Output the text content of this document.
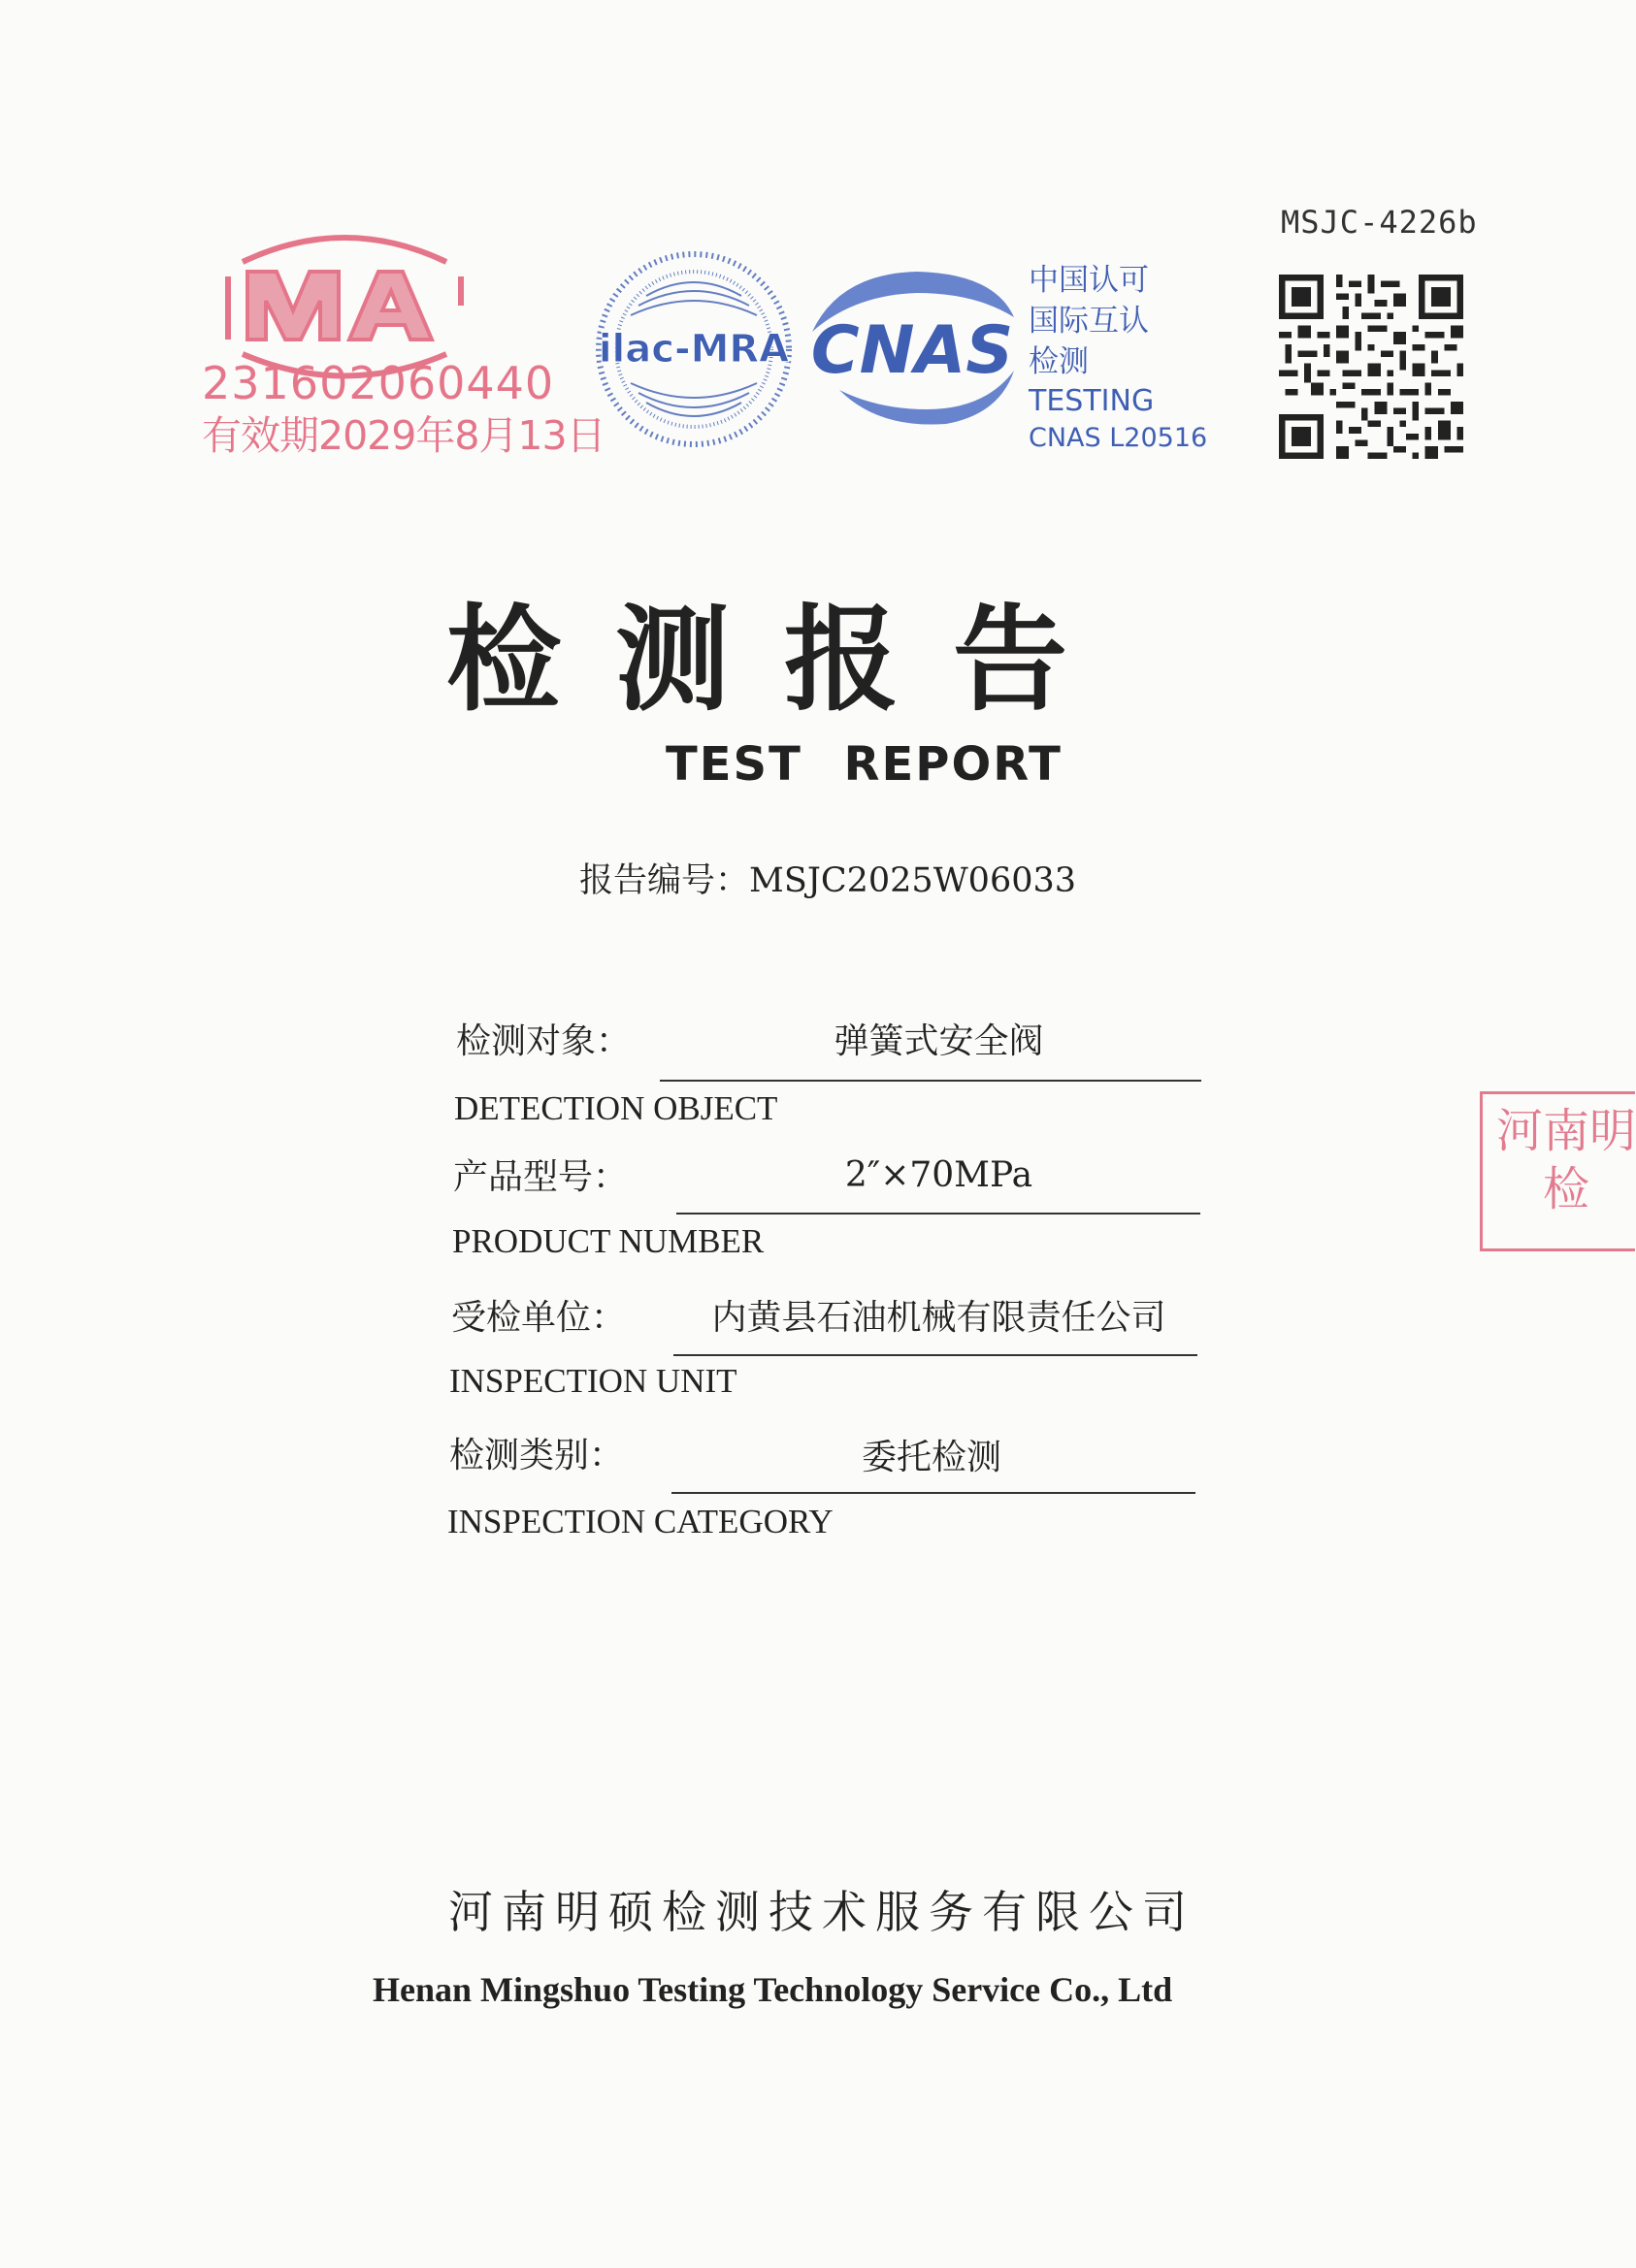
231602060440
有效期2029年8月13日
ilac-MRA CNAS
中国认可
国际互认
检测
TESTING
CNAS L20516
MSJC-4226b
检测报告
TEST REPORT
报告编号：MSJC2025W06033
检测对象：	弹簧式安全阀
DETECTION OBJECT
产品型号：	2″×70MPa
PRODUCT NUMBER
受检单位：	内黄县石油机械有限责任公司
INSPECTION UNIT
检测类别：	委托检测
INSPECTION CATEGORY
河南明
检
河南明硕检测技术服务有限公司
Henan Mingshuo Testing Technology Service Co., Ltd
